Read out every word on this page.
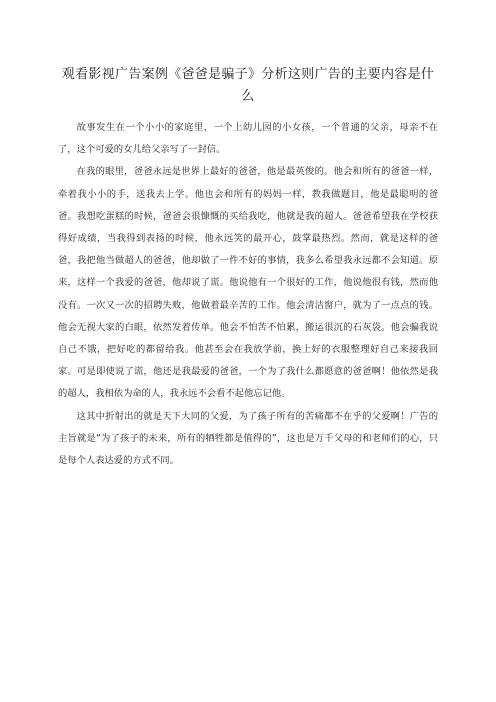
观看影视广告案例《爸爸是骗子》分析这则广告的主要内容是什么

故事发生在一个小小的家庭里，一个上幼儿园的小女孩，一个普通的父亲，母亲不在了，这个可爱的女儿给父亲写了一封信。

在我的眼里，爸爸永远是世界上最好的爸爸，他是最英俊的。他会和所有的爸爸一样，牵着我小小的手，送我去上学。他也会和所有的妈妈一样，教我做题目，他是最聪明的爸爸。我想吃蛋糕的时候，爸爸会很慷慨的买给我吃，他就是我的超人。爸爸希望我在学校获得好成绩，当我得到表扬的时候，他永远笑的最开心，鼓掌最热烈。然而，就是这样的爸爸，我把他当做超人的爸爸，他却做了一件不好的事情，我多么希望我永远都不会知道。原来，这样一个我爱的爸爸，他却说了谎。他说他有一个很好的工作，他说他很有钱，然而他没有。一次又一次的招聘失败，他做着最辛苦的工作。他会清洁窗户，就为了一点点的钱。他会无视大家的白眼，依然发着传单。他会不怕苦不怕累，搬运很沉的石灰袋。他会骗我说自己不饿，把好吃的都留给我。他甚至会在我放学前，换上好的衣服整理好自己来接我回家。可是即使说了谎，他还是我最爱的爸爸，一个为了我什么都愿意的爸爸啊！他依然是我的超人，我相依为命的人，我永远不会看不起他忘记他。

这其中折射出的就是天下大同的父爱，为了孩子所有的苦痛都不在乎的父爱啊！广告的主旨就是“为了孩子的未来，所有的牺牲都是值得的”，这也是万千父母的和老师们的心，只是每个人表达爱的方式不同。
